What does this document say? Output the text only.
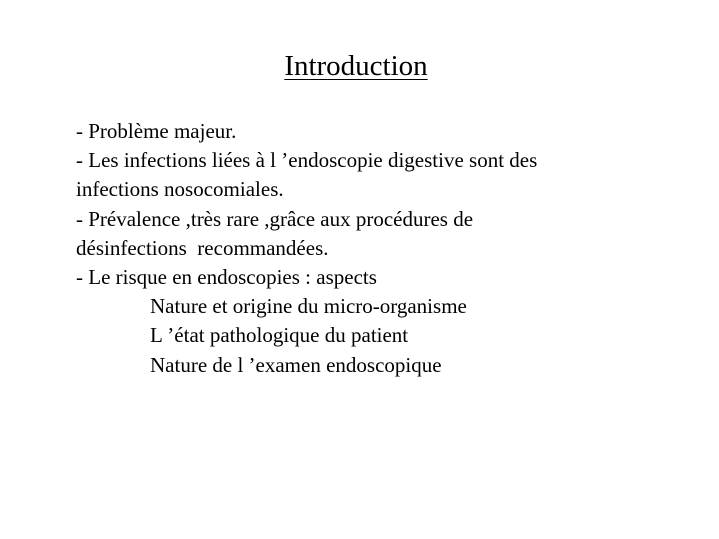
Introduction
- Problème majeur.
- Les infections liées à l ’endoscopie digestive sont des
infections nosocomiales.
- Prévalence ,très rare ,grâce aux procédures de
désinfections  recommandées.
- Le risque en endoscopies : aspects
Nature et origine du micro-organisme
L ’état pathologique du patient
Nature de l ’examen endoscopique
